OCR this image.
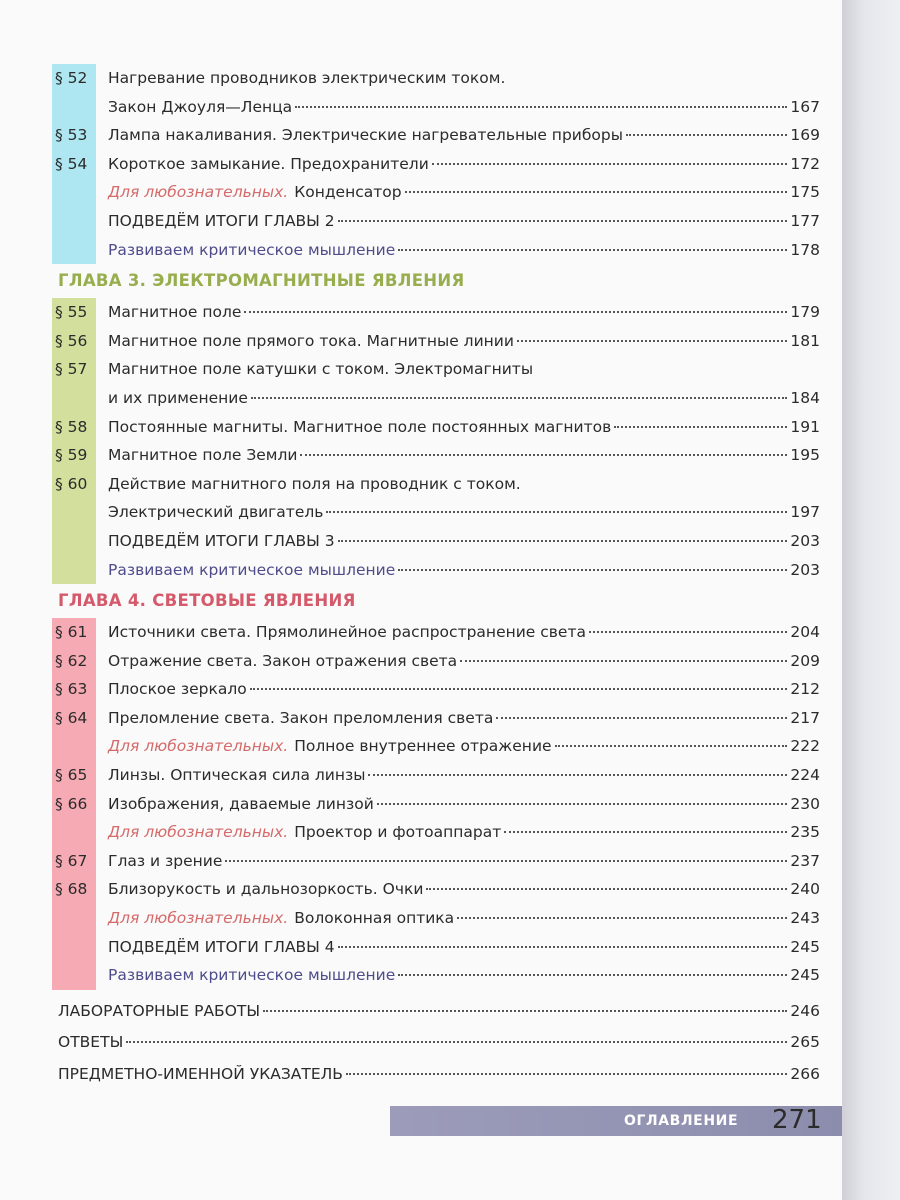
§ 52	Нагревание проводников электрическим током.
Закон Джоуля—Ленца	167
§ 53	Лампа накаливания. Электрические нагревательные приборы	169
§ 54	Короткое замыкание. Предохранители	172
Для любознательных. Конденсатор	175
ПОДВЕДЁМ ИТОГИ ГЛАВЫ 2	177
Развиваем критическое мышление	178
ГЛАВА 3. ЭЛЕКТРОМАГНИТНЫЕ ЯВЛЕНИЯ
§ 55	Магнитное поле	179
§ 56	Магнитное поле прямого тока. Магнитные линии	181
§ 57	Магнитное поле катушки с током. Электромагниты
и их применение	184
§ 58	Постоянные магниты. Магнитное поле постоянных магнитов	191
§ 59	Магнитное поле Земли	195
§ 60	Действие магнитного поля на проводник с током.
Электрический двигатель	197
ПОДВЕДЁМ ИТОГИ ГЛАВЫ 3	203
Развиваем критическое мышление	203
ГЛАВА 4. СВЕТОВЫЕ ЯВЛЕНИЯ
§ 61	Источники света. Прямолинейное распространение света	204
§ 62	Отражение света. Закон отражения света	209
§ 63	Плоское зеркало	212
§ 64	Преломление света. Закон преломления света	217
Для любознательных. Полное внутреннее отражение	222
§ 65	Линзы. Оптическая сила линзы	224
§ 66	Изображения, даваемые линзой	230
Для любознательных. Проектор и фотоаппарат	235
§ 67	Глаз и зрение	237
§ 68	Близорукость и дальнозоркость. Очки	240
Для любознательных. Волоконная оптика	243
ПОДВЕДЁМ ИТОГИ ГЛАВЫ 4	245
Развиваем критическое мышление	245
ЛАБОРАТОРНЫЕ РАБОТЫ	246
ОТВЕТЫ	265
ПРЕДМЕТНО-ИМЕННОЙ УКАЗАТЕЛЬ	266
ОГЛАВЛЕНИЕ 271
